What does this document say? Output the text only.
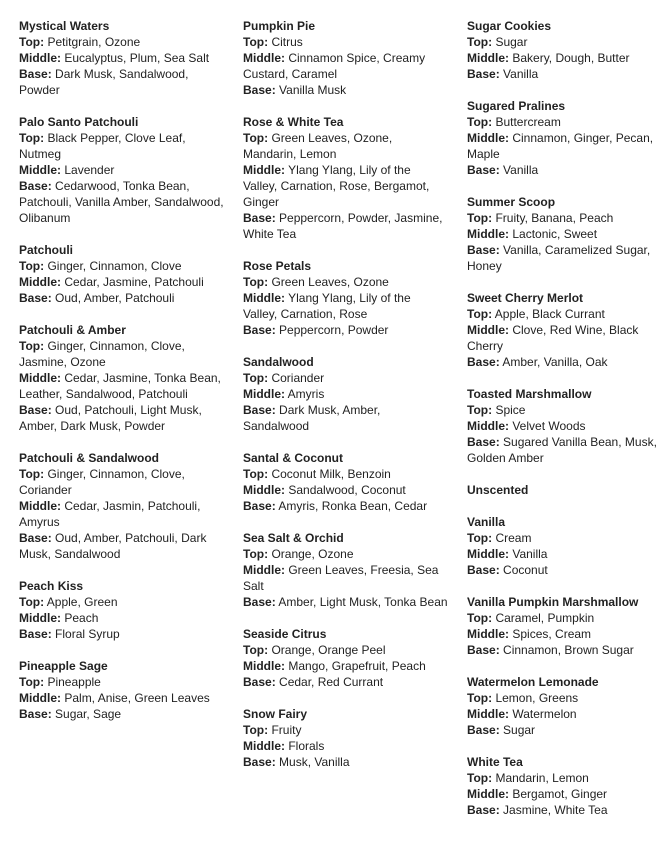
Mystical Waters
Top: Petitgrain, Ozone
Middle: Eucalyptus, Plum, Sea Salt
Base: Dark Musk, Sandalwood, Powder
Palo Santo Patchouli
Top: Black Pepper, Clove Leaf, Nutmeg
Middle: Lavender
Base: Cedarwood, Tonka Bean, Patchouli, Vanilla Amber, Sandalwood, Olibanum
Patchouli
Top: Ginger, Cinnamon, Clove
Middle: Cedar, Jasmine, Patchouli
Base: Oud, Amber, Patchouli
Patchouli & Amber
Top: Ginger, Cinnamon, Clove, Jasmine, Ozone
Middle: Cedar, Jasmine, Tonka Bean, Leather, Sandalwood, Patchouli
Base: Oud, Patchouli, Light Musk, Amber, Dark Musk, Powder
Patchouli & Sandalwood
Top: Ginger, Cinnamon, Clove, Coriander
Middle: Cedar, Jasmin, Patchouli, Amyrus
Base: Oud, Amber, Patchouli, Dark Musk, Sandalwood
Peach Kiss
Top: Apple, Green
Middle: Peach
Base: Floral Syrup
Pineapple Sage
Top: Pineapple
Middle: Palm, Anise, Green Leaves
Base: Sugar, Sage
Pumpkin Pie
Top: Citrus
Middle: Cinnamon Spice, Creamy Custard, Caramel
Base: Vanilla Musk
Rose & White Tea
Top: Green Leaves, Ozone, Mandarin, Lemon
Middle: Ylang Ylang, Lily of the Valley, Carnation, Rose, Bergamot, Ginger
Base: Peppercorn, Powder, Jasmine, White Tea
Rose Petals
Top: Green Leaves, Ozone
Middle: Ylang Ylang, Lily of the Valley, Carnation, Rose
Base: Peppercorn, Powder
Sandalwood
Top: Coriander
Middle: Amyris
Base: Dark Musk, Amber, Sandalwood
Santal & Coconut
Top: Coconut Milk, Benzoin
Middle: Sandalwood, Coconut
Base: Amyris, Ronka Bean, Cedar
Sea Salt & Orchid
Top: Orange, Ozone
Middle: Green Leaves, Freesia, Sea Salt
Base: Amber, Light Musk, Tonka Bean
Seaside Citrus
Top: Orange, Orange Peel
Middle: Mango, Grapefruit, Peach
Base: Cedar, Red Currant
Snow Fairy
Top: Fruity
Middle: Florals
Base: Musk, Vanilla
Sugar Cookies
Top: Sugar
Middle: Bakery, Dough, Butter
Base: Vanilla
Sugared Pralines
Top: Buttercream
Middle: Cinnamon, Ginger, Pecan, Maple
Base: Vanilla
Summer Scoop
Top: Fruity, Banana, Peach
Middle: Lactonic, Sweet
Base: Vanilla, Caramelized Sugar, Honey
Sweet Cherry Merlot
Top: Apple, Black Currant
Middle: Clove, Red Wine, Black Cherry
Base: Amber, Vanilla, Oak
Toasted Marshmallow
Top: Spice
Middle: Velvet Woods
Base: Sugared Vanilla Bean, Musk, Golden Amber
Unscented
Vanilla
Top: Cream
Middle: Vanilla
Base: Coconut
Vanilla Pumpkin Marshmallow
Top: Caramel, Pumpkin
Middle: Spices, Cream
Base: Cinnamon, Brown Sugar
Watermelon Lemonade
Top: Lemon, Greens
Middle: Watermelon
Base: Sugar
White Tea
Top: Mandarin, Lemon
Middle: Bergamot, Ginger
Base: Jasmine, White Tea
